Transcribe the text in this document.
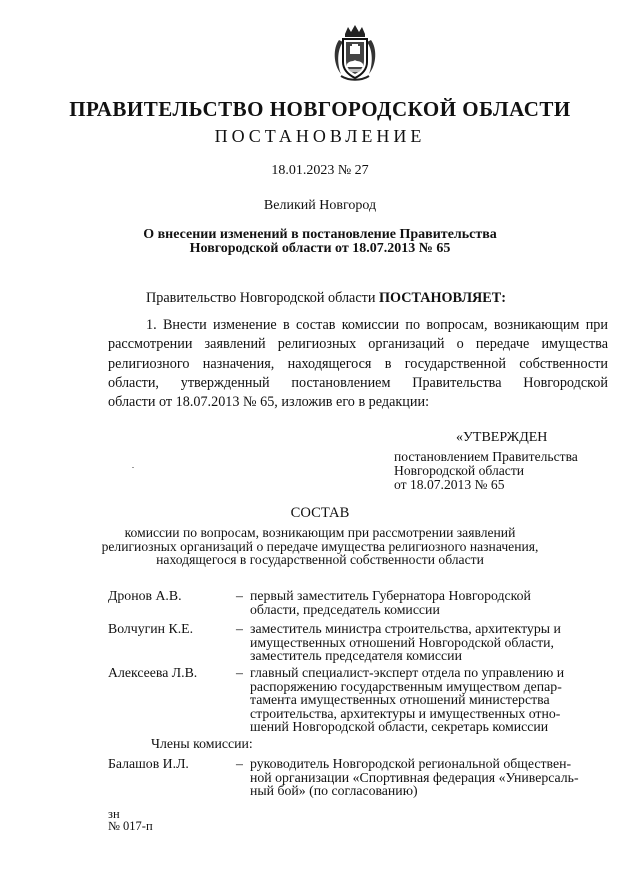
ПРАВИТЕЛЬСТВО НОВГОРОДСКОЙ ОБЛАСТИ
ПОСТАНОВЛЕНИЕ
18.01.2023 № 27
Великий Новгород
О внесении изменений в постановление Правительства
Новгородской области от 18.07.2013 № 65
Правительство Новгородской области ПОСТАНОВЛЯЕТ:
1. Внести изменение в состав комиссии по вопросам, возникающим при
рассмотрении заявлений религиозных организаций о передаче имущества
религиозного назначения, находящегося в государственной собственности
области, утвержденный постановлением Правительства Новгородской
области от 18.07.2013 № 65, изложив его в редакции:
«УТВЕРЖДЕН
постановлением Правительства
Новгородской области
от 18.07.2013 № 65
СОСТАВ
комиссии по вопросам, возникающим при рассмотрении заявлений
религиозных организаций о передаче имущества религиозного назначения,
находящегося в государственной собственности области
Дронов А.В.	– первый заместитель Губернатора Новгородской
области, председатель комиссии
Волчугин К.Е.	– заместитель министра строительства, архитектуры и
имущественных отношений Новгородской области,
заместитель председателя комиссии
Алексеева Л.В.	– главный специалист-эксперт отдела по управлению и
распоряжению государственным имуществом депар-
тамента имущественных отношений министерства
строительства, архитектуры и имущественных отно-
шений Новгородской области, секретарь комиссии
Члены комиссии:
Балашов И.Л.	– руководитель Новгородской региональной обществен-
ной организации «Спортивная федерация «Универсаль-
ный бой» (по согласованию)
зн
№ 017-п
